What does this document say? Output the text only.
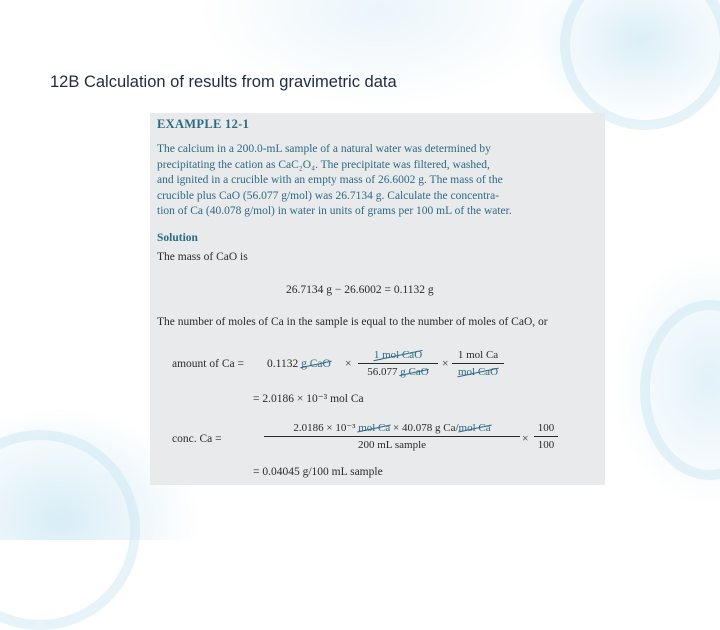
12B Calculation of results from gravimetric data
EXAMPLE 12-1
The calcium in a 200.0-mL sample of a natural water was determined by
precipitating the cation as CaC₂O₄. The precipitate was filtered, washed,
and ignited in a crucible with an empty mass of 26.6002 g. The mass of the
crucible plus CaO (56.077 g/mol) was 26.7134 g. Calculate the concentra-
tion of Ca (40.078 g/mol) in water in units of grams per 100 mL of the water.
Solution
The mass of CaO is
26.7134 g − 26.6002 = 0.1132 g
The number of moles of Ca in the sample is equal to the number of moles of CaO, or
amount of Ca = 0.1132 g CaO ×
1 mol CaO
56.077 g CaO
×
1 mol Ca
mol CaO
= 2.0186 × 10⁻³ mol Ca
conc. Ca =
2.0186 × 10⁻³ mol Ca × 40.078 g Ca/mol Ca
200 mL sample	×
100
100
= 0.04045 g/100 mL sample
